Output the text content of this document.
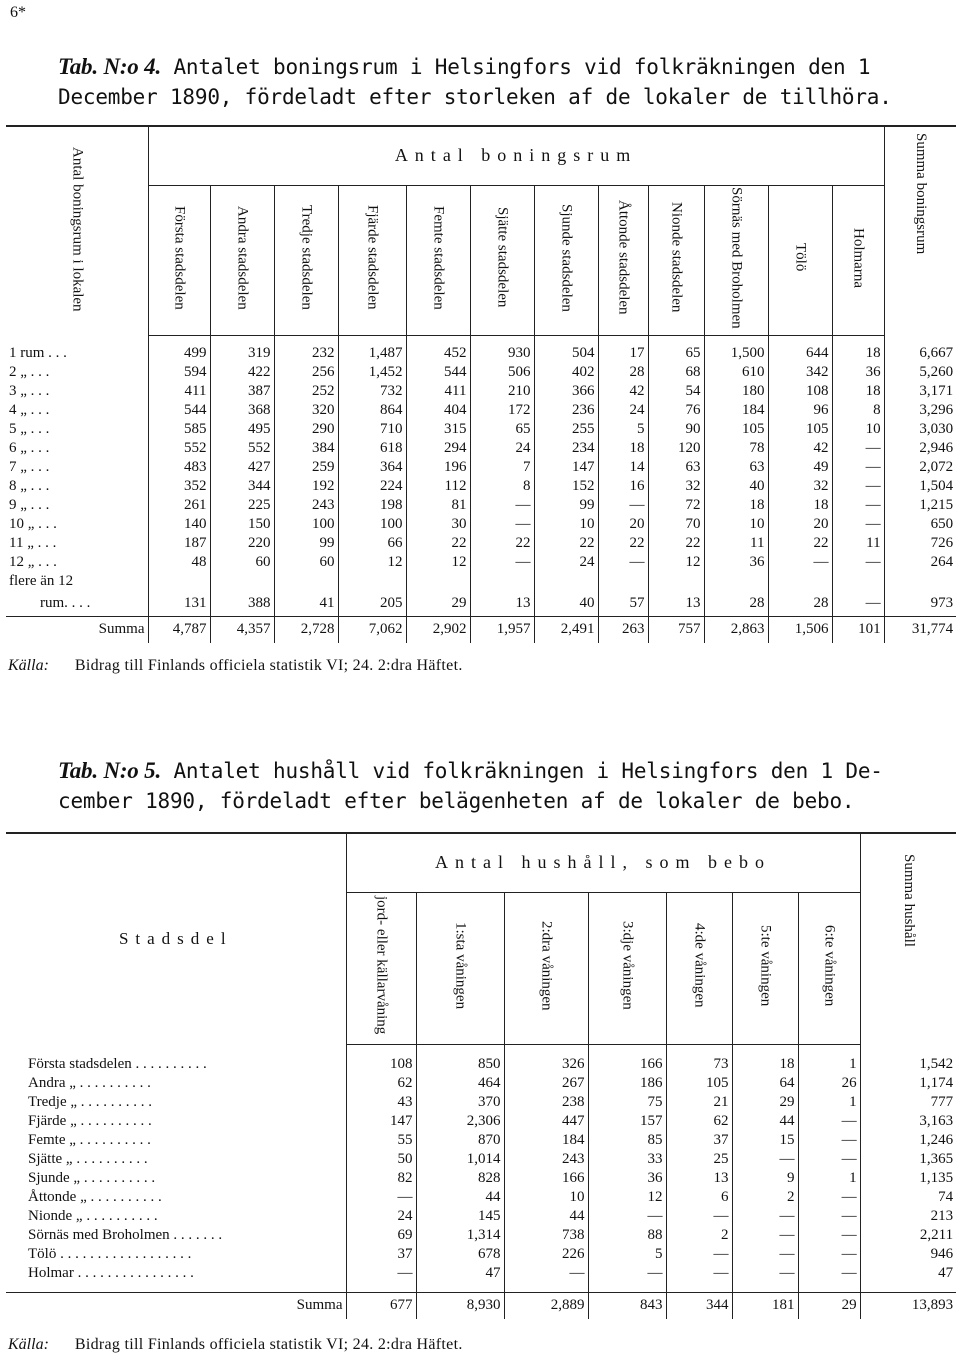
6*
Tab. N:o 4. Antalet boningsrum i Helsingfors vid folkräkningen den 1
December 1890, fördeladt efter storleken af de lokaler de tillhöra.
Antal boningsrum i lokalen	Antal boningsrum												Summa boningsrum
	Första stadsdelen	Andra stadsdelen	Tredje stadsdelen	Fjärde stadsdelen	Femte stadsdelen	Sjätte stadsdelen	Sjunde stadsdelen	Åttonde stadsdelen	Nionde stadsdelen	Sörnäs med Broholmen	Tölö	Holmarna	

1 rum . . .	499	319	232	1,487	452	930	504	17	65	1,500	644	18	6,667
2 „ . . .	594	422	256	1,452	544	506	402	28	68	610	342	36	5,260
3 „ . . .	411	387	252	732	411	210	366	42	54	180	108	18	3,171
4 „ . . .	544	368	320	864	404	172	236	24	76	184	96	8	3,296
5 „ . . .	585	495	290	710	315	65	255	5	90	105	105	10	3,030
6 „ . . .	552	552	384	618	294	24	234	18	120	78	42	—	2,946
7 „ . . .	483	427	259	364	196	7	147	14	63	63	49	—	2,072
8 „ . . .	352	344	192	224	112	8	152	16	32	40	32	—	1,504
9 „ . . .	261	225	243	198	81	—	99	—	72	18	18	—	1,215
10 „ . . .	140	150	100	100	30	—	10	20	70	10	20	—	650
11 „ . . .	187	220	99	66	22	22	22	22	22	11	22	11	726
12 „ . . .	48	60	60	12	12	—	24	—	12	36	—	—	264
flere än 12													
rum. . . .	131	388	41	205	29	13	40	57	13	28	28	—	973
Summa	4,787	4,357	2,728	7,062	2,902	1,957	2,491	263	757	2,863	1,506	101	31,774
Källa: Bidrag till Finlands officiela statistik VI; 24. 2:dra Häftet.
Tab. N:o 5. Antalet hushåll vid folkräkningen i Helsingfors den 1 De-
cember 1890, fördeladt efter belägenheten af de lokaler de bebo.
Stadsdel	Antal hushåll, som bebo							Summa hushåll
	jord- eller källarvåning	1:sta våningen	2:dra våningen	3:dje våningen	4:de våningen	5:te våningen	6:te våningen	

Första stadsdelen . . . . . . . . . .	108	850	326	166	73	18	1	1,542
Andra „ . . . . . . . . . .	62	464	267	186	105	64	26	1,174
Tredje „ . . . . . . . . . .	43	370	238	75	21	29	1	777
Fjärde „ . . . . . . . . . .	147	2,306	447	157	62	44	—	3,163
Femte „ . . . . . . . . . .	55	870	184	85	37	15	—	1,246
Sjätte „ . . . . . . . . . .	50	1,014	243	33	25	—	—	1,365
Sjunde „ . . . . . . . . . .	82	828	166	36	13	9	1	1,135
Åttonde „ . . . . . . . . . .	—	44	10	12	6	2	—	74
Nionde „ . . . . . . . . . .	24	145	44	—	—	—	—	213
Sörnäs med Broholmen . . . . . . .	69	1,314	738	88	2	—	—	2,211
Tölö . . . . . . . . . . . . . . . . . .	37	678	226	5	—	—	—	946
Holmar . . . . . . . . . . . . . . . .	—	47	—	—	—	—	—	47

Summa	677	8,930	2,889	843	344	181	29	13,893
Källa: Bidrag till Finlands officiela statistik VI; 24. 2:dra Häftet.
